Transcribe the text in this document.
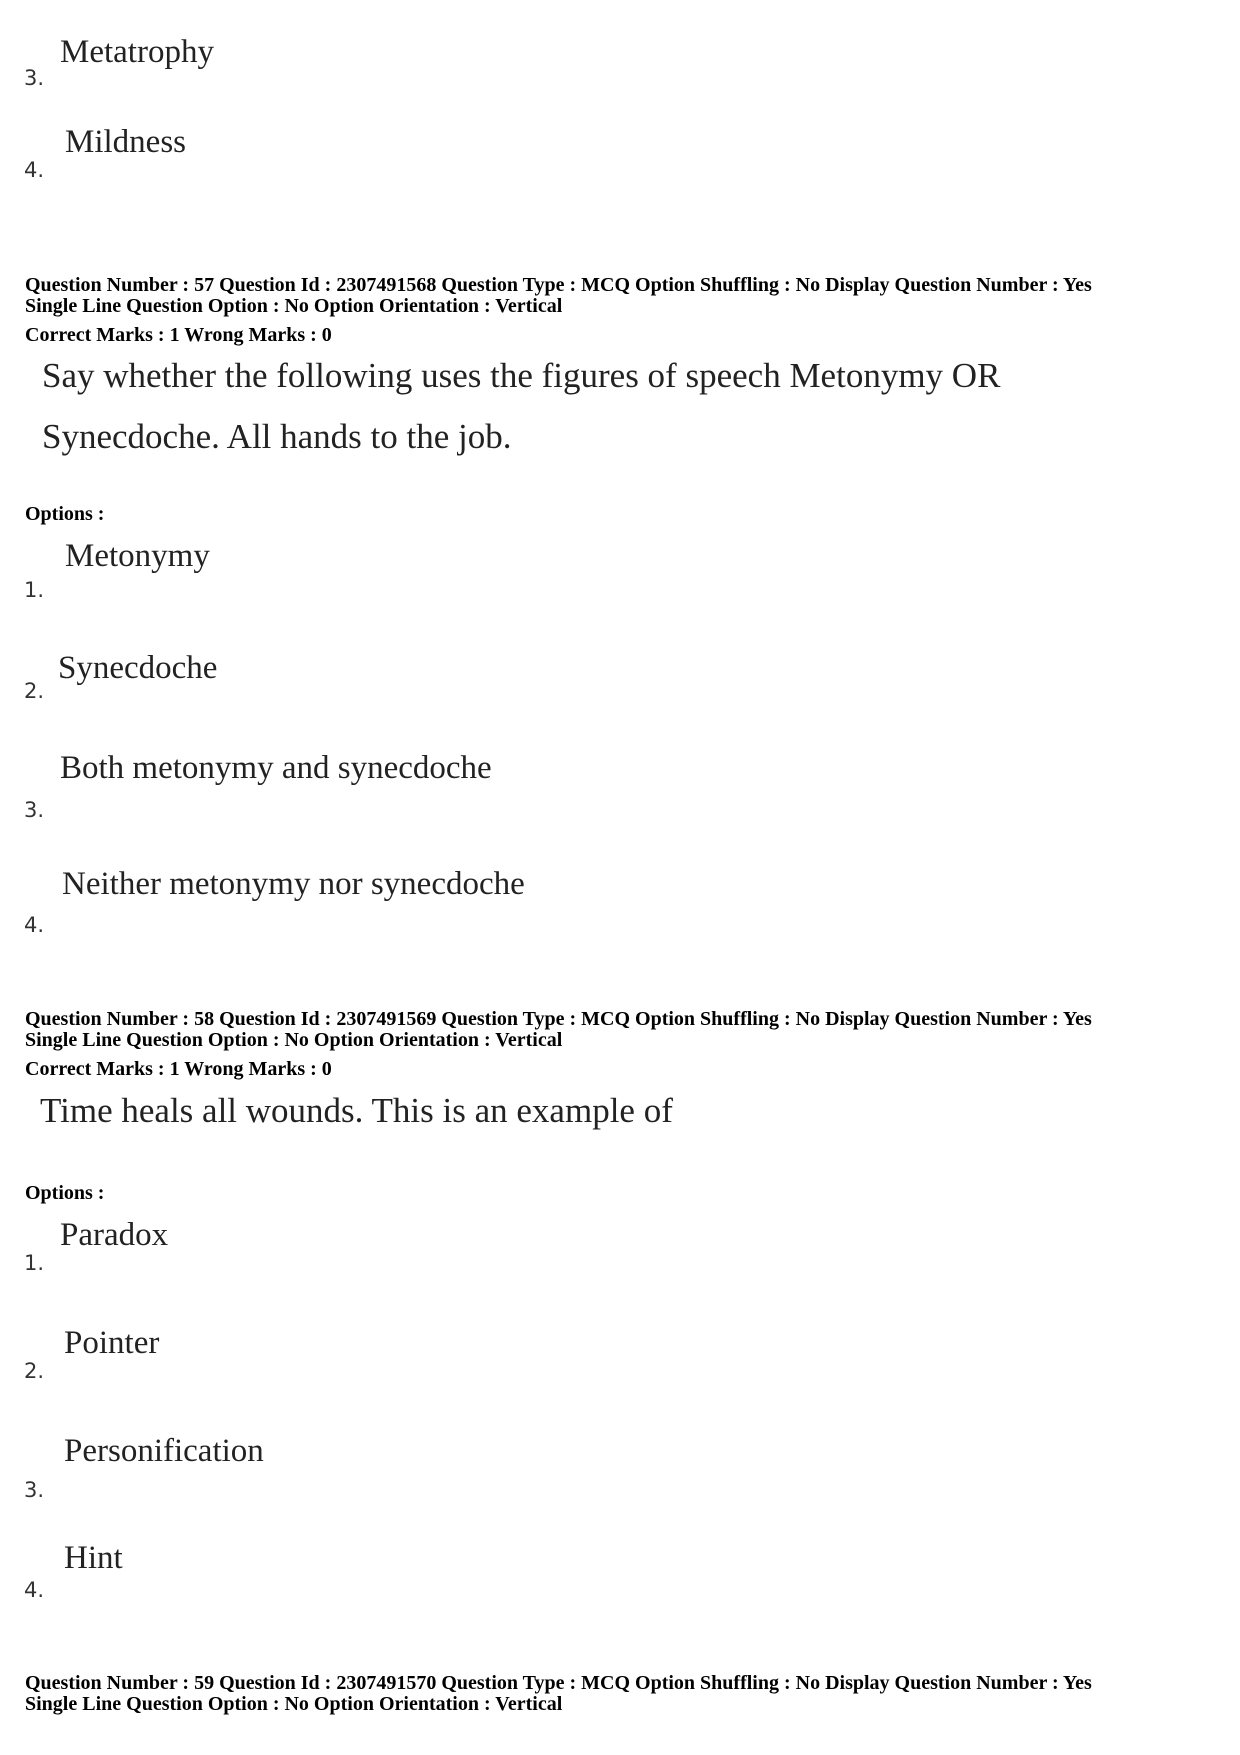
Metatrophy
3.
Mildness
4.
Question Number : 57 Question Id : 2307491568 Question Type : MCQ Option Shuffling : No Display Question Number : Yes
Single Line Question Option : No Option Orientation : Vertical
Correct Marks : 1 Wrong Marks : 0
Say whether the following uses the figures of speech Metonymy OR
Synecdoche. All hands to the job.
Options :
Metonymy
1.
Synecdoche
2.
Both metonymy and synecdoche
3.
Neither metonymy nor synecdoche
4.
Question Number : 58 Question Id : 2307491569 Question Type : MCQ Option Shuffling : No Display Question Number : Yes
Single Line Question Option : No Option Orientation : Vertical
Correct Marks : 1 Wrong Marks : 0
Time heals all wounds. This is an example of
Options :
Paradox
1.
Pointer
2.
Personification
3.
Hint
4.
Question Number : 59 Question Id : 2307491570 Question Type : MCQ Option Shuffling : No Display Question Number : Yes
Single Line Question Option : No Option Orientation : Vertical
